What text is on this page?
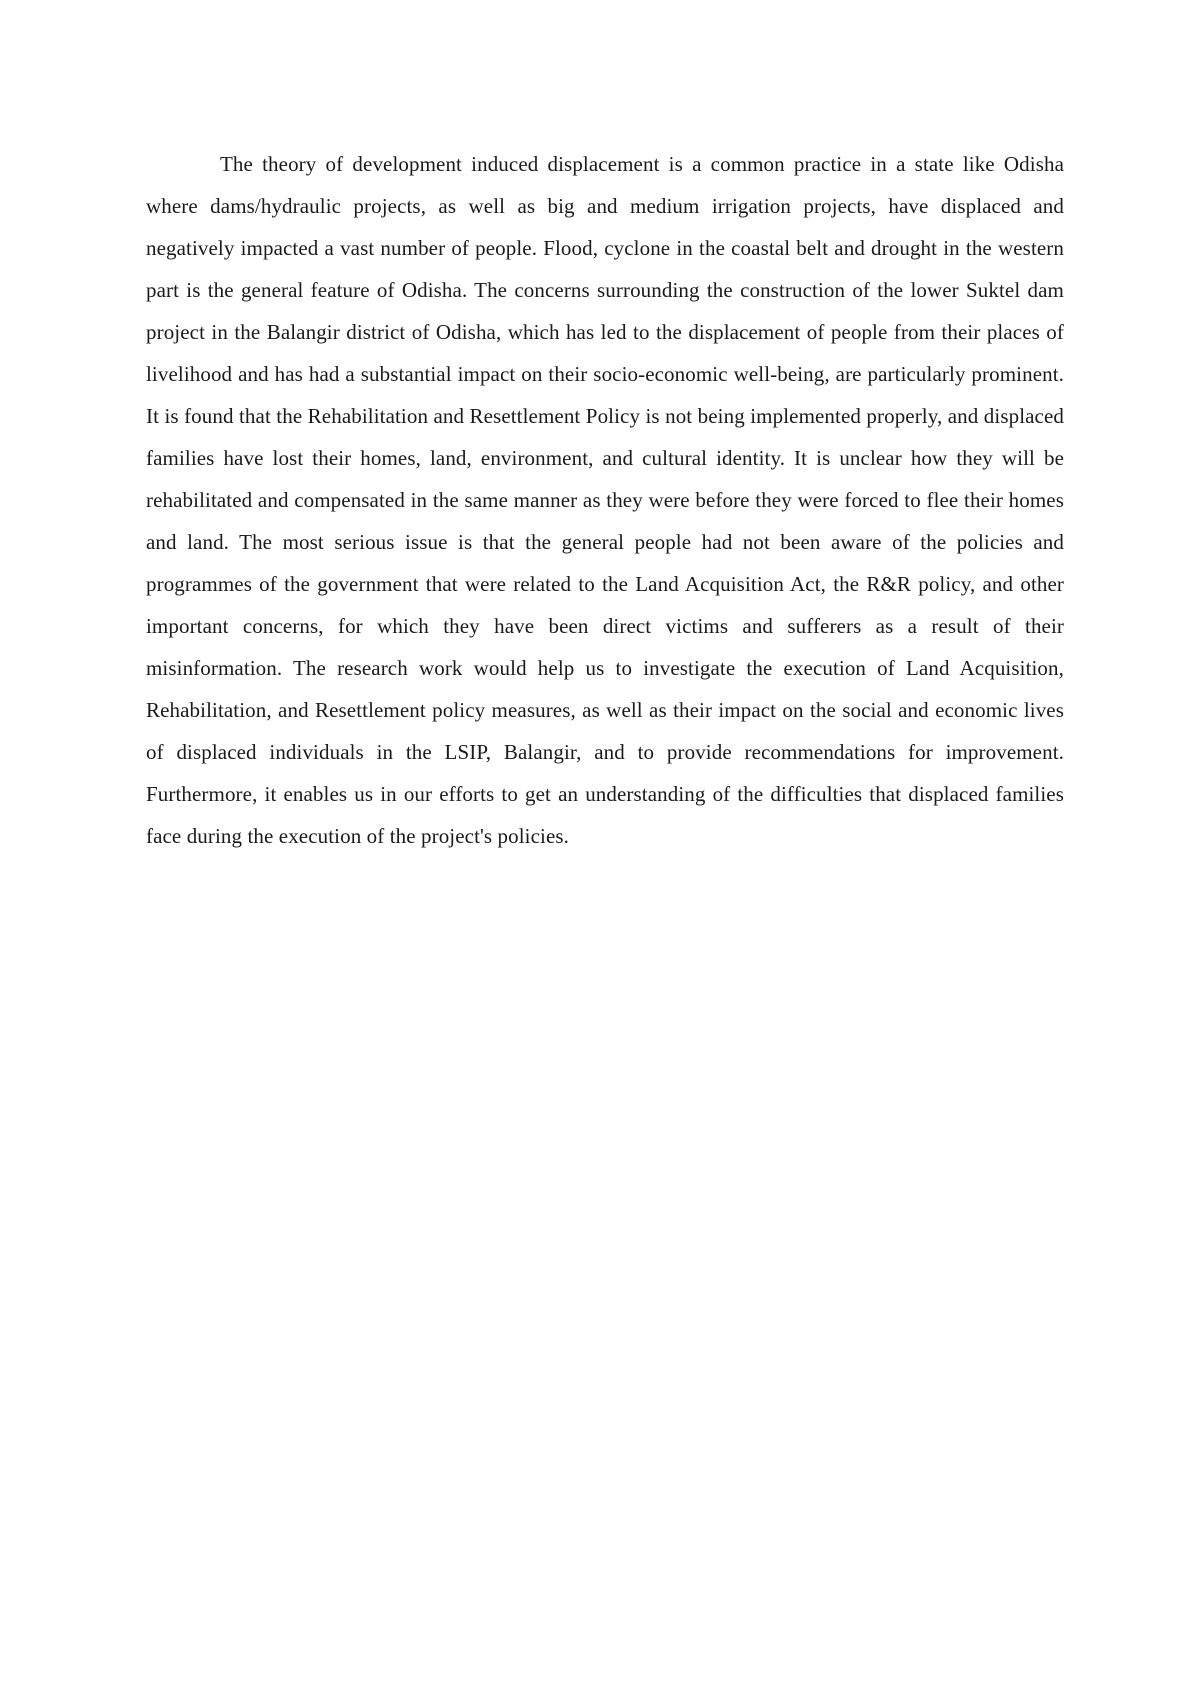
The theory of development induced displacement is a common practice in a state like Odisha where dams/hydraulic projects, as well as big and medium irrigation projects, have displaced and negatively impacted a vast number of people. Flood, cyclone in the coastal belt and drought in the western part is the general feature of Odisha. The concerns surrounding the construction of the lower Suktel dam project in the Balangir district of Odisha, which has led to the displacement of people from their places of livelihood and has had a substantial impact on their socio-economic well-being, are particularly prominent. It is found that the Rehabilitation and Resettlement Policy is not being implemented properly, and displaced families have lost their homes, land, environment, and cultural identity. It is unclear how they will be rehabilitated and compensated in the same manner as they were before they were forced to flee their homes and land. The most serious issue is that the general people had not been aware of the policies and programmes of the government that were related to the Land Acquisition Act, the R&R policy, and other important concerns, for which they have been direct victims and sufferers as a result of their misinformation. The research work would help us to investigate the execution of Land Acquisition, Rehabilitation, and Resettlement policy measures, as well as their impact on the social and economic lives of displaced individuals in the LSIP, Balangir, and to provide recommendations for improvement. Furthermore, it enables us in our efforts to get an understanding of the difficulties that displaced families face during the execution of the project's policies.
